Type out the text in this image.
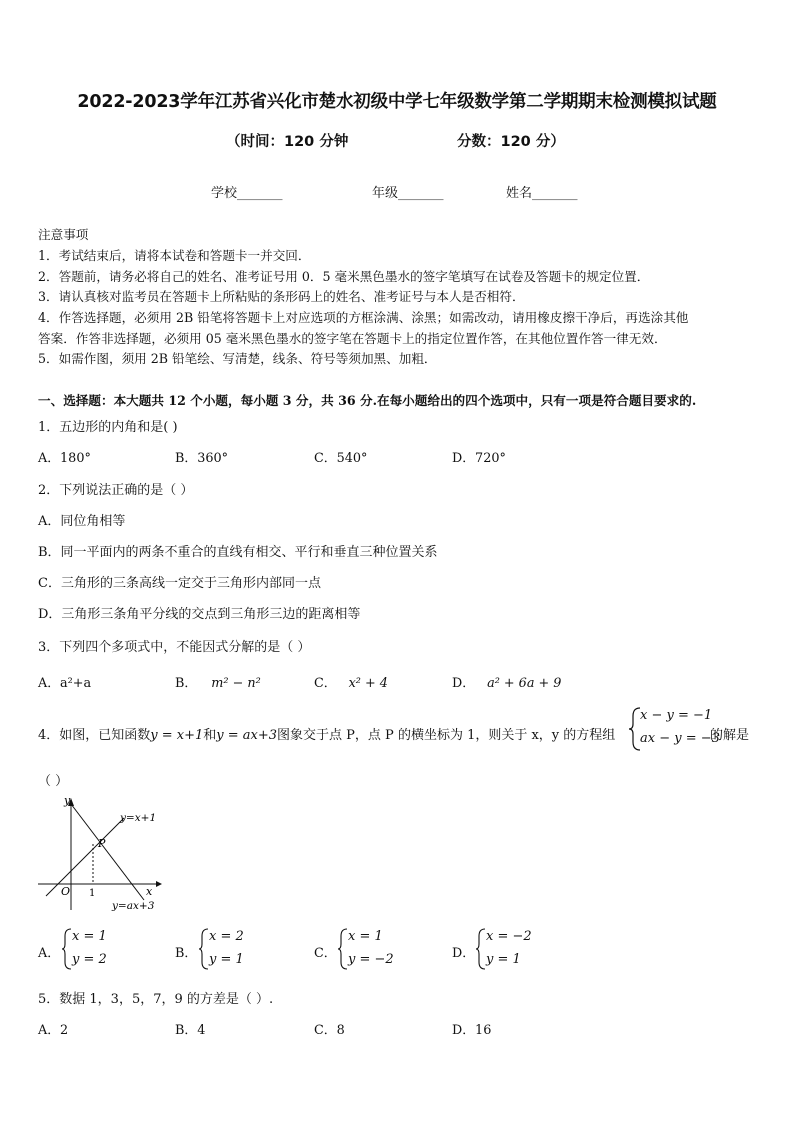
2022-2023学年江苏省兴化市楚水初级中学七年级数学第二学期期末检测模拟试题
（时间：120 分钟	分数：120 分）
学校_______	年级_______	姓名_______
注意事项
1．考试结束后，请将本试卷和答题卡一并交回．
2．答题前，请务必将自己的姓名、准考证号用 0．5 毫米黑色墨水的签字笔填写在试卷及答题卡的规定位置．
3．请认真核对监考员在答题卡上所粘贴的条形码上的姓名、准考证号与本人是否相符．
4．作答选择题，必须用 2B 铅笔将答题卡上对应选项的方框涂满、涂黑；如需改动，请用橡皮擦干净后，再选涂其他
答案．作答非选择题，必须用 05 毫米黑色墨水的签字笔在答题卡上的指定位置作答，在其他位置作答一律无效．
5．如需作图，须用 2B 铅笔绘、写清楚，线条、符号等须加黑、加粗．
一、选择题：本大题共 12 个小题，每小题 3 分，共 36 分.在每小题给出的四个选项中，只有一项是符合题目要求的.
1．五边形的内角和是( )
A．180°	B．360°	C．540°	D．720°
2．下列说法正确的是（ ）
A．同位角相等
B．同一平面内的两条不重合的直线有相交、平行和垂直三种位置关系
C．三角形的三条高线一定交于三角形内部同一点
D．三角形三条角平分线的交点到三角形三边的距离相等
3．下列四个多项式中，不能因式分解的是（ ）
A．a²+a	B． m² − n²	C． x² + 4	D． a² + 6a + 9
4．如图，已知函数y = x+1和y = ax+3图象交于点 P，点 P 的横坐标为 1，则关于 x，y 的方程组
x − y = −1
ax − y = −3
的解是
（ ）
y
x
O 1
P
y=x+1
y=ax+3
A．
x = 1
y = 2	B．
x = 2
y = 1	C．
x = 1
y = −2	D．
x = −2
y = 1
5．数据 1，3，5，7，9 的方差是（ ）.
A．2	B．4	C．8	D．16
